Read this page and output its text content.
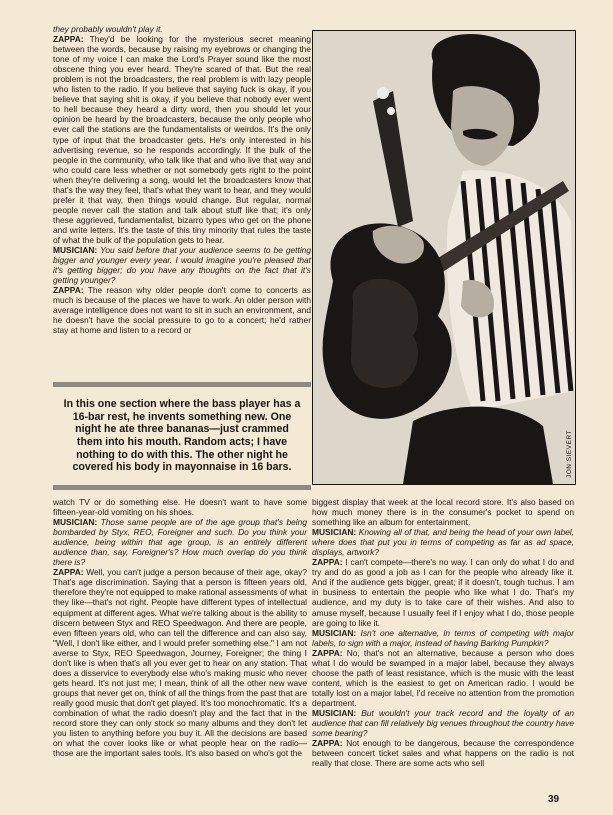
they probably wouldn't play it.

ZAPPA: They'd be looking for the mysterious secret meaning between the words, because by raising my eyebrows or changing the tone of my voice I can make the Lord's Prayer sound like the most obscene thing you ever heard. They're scared of that. But the real problem is not the broadcasters, the real problem is with lazy people who listen to the radio. If you believe that saying fuck is okay, if you believe that saying shit is okay, if you believe that nobody ever went to hell because they heard a dirty word, then you should let your opinion be heard by the broadcasters, because the only people who ever call the stations are the fundamentalists or weirdos. It's the only type of input that the broadcaster gets. He's only interested in his advertising revenue, so he responds accordingly. If the bulk of the people in the community, who talk like that and who live that way and who could care less whether or not somebody gets right to the point when they're delivering a song, would let the broadcasters know that that's the way they feel, that's what they want to hear, and they would prefer it that way, then things would change. But regular, normal people never call the station and talk about stuff like that; it's only these aggrieved, fundamentalist, bizarro types who get on the phone and write letters. It's the taste of this tiny minority that rules the taste of what the bulk of the population gets to hear.

MUSICIAN: You said before that your audience seems to be getting bigger and younger every year. I would imagine you're pleased that it's getting bigger; do you have any thoughts on the fact that it's getting younger?

ZAPPA: The reason why older people don't come to concerts as much is because of the places we have to work. An older person with average intelligence does not want to sit in such an environment, and he doesn't have the social pressure to go to a concert; he'd rather stay at home and listen to a record or

In this one section where the bass player has a 16-bar rest, he invents something new. One night he ate three bananas—just crammed them into his mouth. Random acts; I have nothing to do with this. The other night he covered his body in mayonnaise in 16 bars.	JON SIEVERT

watch TV or do something else. He doesn't want to have some fifteen-year-old vomiting on his shoes.

MUSICIAN: Those same people are of the age group that's being bombarded by Styx, REO, Foreigner and such. Do you think your audience, being within that age group, is an entirely different audience than, say, Foreigner's? How much overlap do you think there is?

ZAPPA: Well, you can't judge a person because of their age, okay? That's age discrimination. Saying that a person is fifteen years old, therefore they're not equipped to make rational assessments of what they like—that's not right. People have different types of intellectual equipment at different ages. What we're talking about is the ability to discern between Styx and REO Speedwagon. And there are people, even fifteen years old, who can tell the difference and can also say, "Well, I don't like either, and I would prefer something else." I am not averse to Styx, REO Speedwagon, Journey, Foreigner; the thing I don't like is when that's all you ever get to hear on any station. That does a disservice to everybody else who's making music who never gets heard. It's not just me; I mean, think of all the other new wave groups that never get on, think of all the things from the past that are really good music that don't get played. It's too monochromatic. It's a combination of what the radio doesn't play and the fact that in the record store they can only stock so many albums and they don't let you listen to anything before you buy it. All the decisions are based on what the cover looks like or what people hear on the radio—those are the important sales tools. It's also based on who's got the

biggest display that week at the local record store. It's also based on how much money there is in the consumer's pocket to spend on something like an album for entertainment.

MUSICIAN: Knowing all of that, and being the head of your own label, where does that put you in terms of competing as far as ad space, displays, artwork?

ZAPPA: I can't compete—there's no way. I can only do what I do and try and do as good a job as I can for the people who already like it. And if the audience gets bigger, great; if it doesn't, tough tuchus. I am in business to entertain the people who like what I do. That's my audience, and my duty is to take care of their wishes. And also to amuse myself, because I usually feel if I enjoy what I do, those people are going to like it.

MUSICIAN: Isn't one alternative, in terms of competing with major labels, to sign with a major, instead of having Barking Pumpkin?

ZAPPA: No, that's not an alternative, because a person who does what I do would be swamped in a major label, because they always choose the path of least resistance, which is the music with the least content, which is the easiest to get on American radio. I would be totally lost on a major label, I'd receive no attention from the promotion department.

MUSICIAN: But wouldn't your track record and the loyalty of an audience that can fill relatively big venues throughout the country have some bearing?

ZAPPA: Not enough to be dangerous, because the correspondence between concert ticket sales and what happens on the radio is not really that close. There are some acts who sell

39
